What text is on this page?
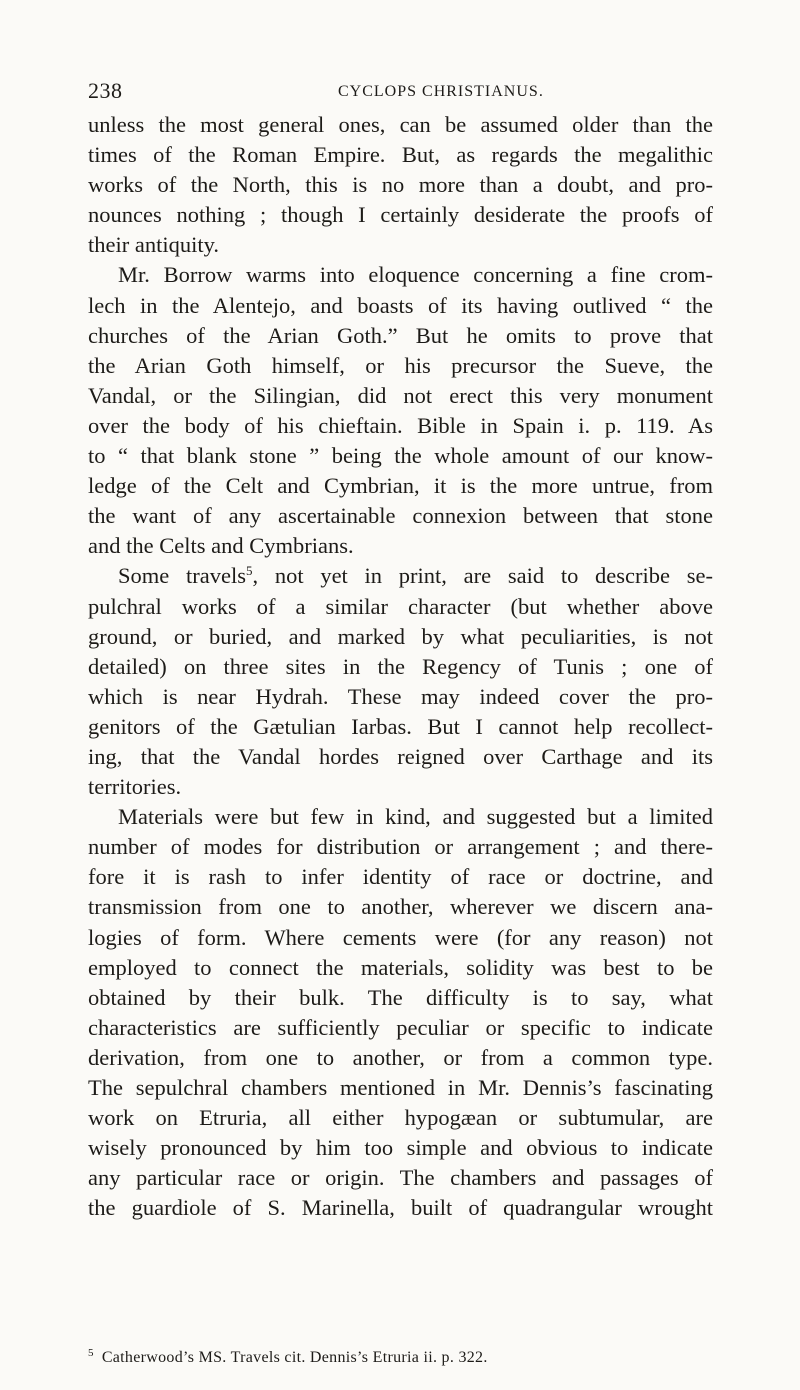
238	CYCLOPS CHRISTIANUS.
unless the most general ones, can be assumed older than the
times of the Roman Empire. But, as regards the megalithic
works of the North, this is no more than a doubt, and pro-
nounces nothing ; though I certainly desiderate the proofs of
their antiquity.
Mr. Borrow warms into eloquence concerning a fine crom-
lech in the Alentejo, and boasts of its having outlived “ the
churches of the Arian Goth.” But he omits to prove that
the Arian Goth himself, or his precursor the Sueve, the
Vandal, or the Silingian, did not erect this very monument
over the body of his chieftain. Bible in Spain i. p. 119. As
to “ that blank stone ” being the whole amount of our know-
ledge of the Celt and Cymbrian, it is the more untrue, from
the want of any ascertainable connexion between that stone
and the Celts and Cymbrians.
Some travels$^5$, not yet in print, are said to describe se-
pulchral works of a similar character (but whether above
ground, or buried, and marked by what peculiarities, is not
detailed) on three sites in the Regency of Tunis ; one of
which is near Hydrah. These may indeed cover the pro-
genitors of the Gætulian Iarbas. But I cannot help recollect-
ing, that the Vandal hordes reigned over Carthage and its
territories.
Materials were but few in kind, and suggested but a limited
number of modes for distribution or arrangement ; and there-
fore it is rash to infer identity of race or doctrine, and
transmission from one to another, wherever we discern ana-
logies of form. Where cements were (for any reason) not
employed to connect the materials, solidity was best to be
obtained by their bulk. The difficulty is to say, what
characteristics are sufficiently peculiar or specific to indicate
derivation, from one to another, or from a common type.
The sepulchral chambers mentioned in Mr. Dennis’s fascinating
work on Etruria, all either hypogæan or subtumular, are
wisely pronounced by him too simple and obvious to indicate
any particular race or origin. The chambers and passages of
the guardiole of S. Marinella, built of quadrangular wrought
$^5$ Catherwood’s MS. Travels cit. Dennis’s Etruria ii. p. 322.
